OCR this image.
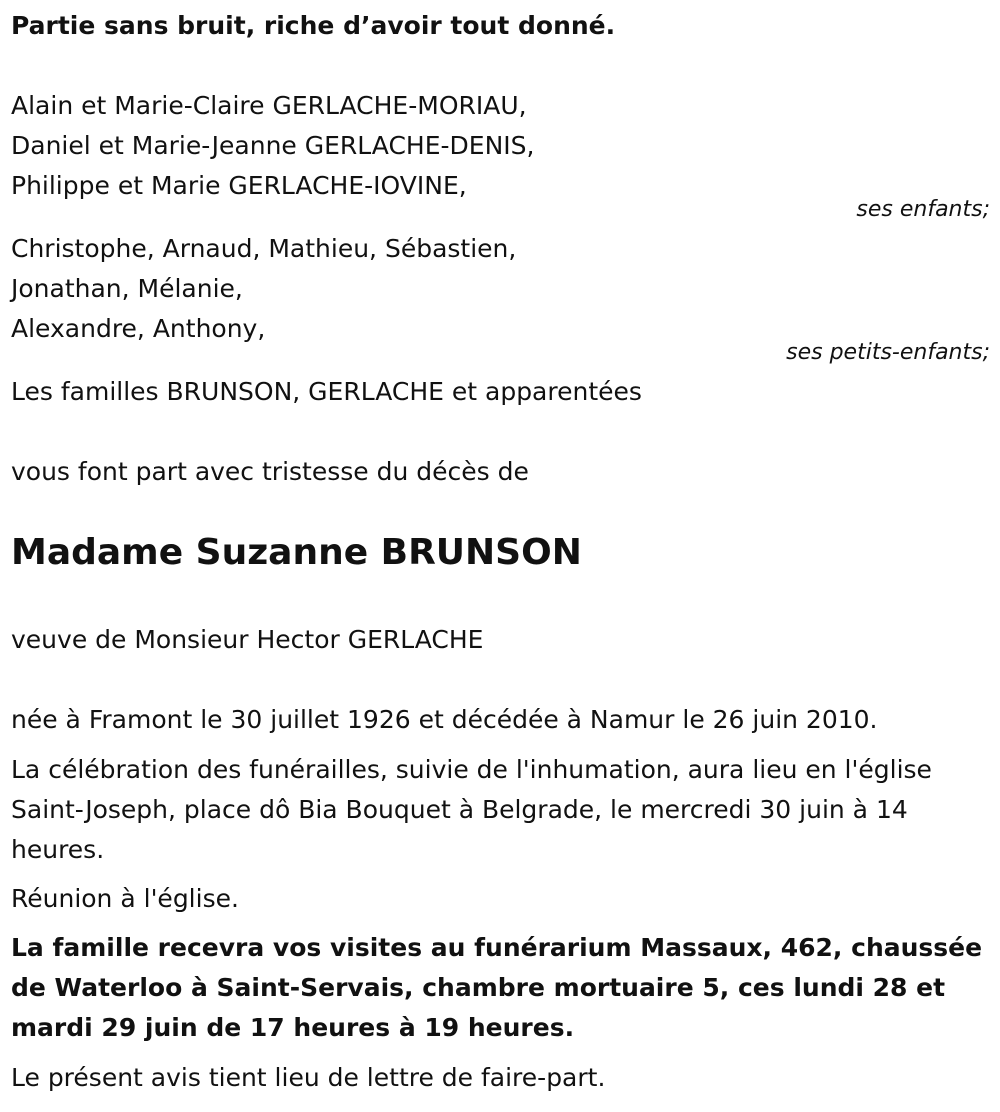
Partie sans bruit, riche d’avoir tout donné.
Alain et Marie-Claire GERLACHE-MORIAU,
Daniel et Marie-Jeanne GERLACHE-DENIS,
Philippe et Marie GERLACHE-IOVINE,
ses enfants;
Christophe, Arnaud, Mathieu, Sébastien,
Jonathan, Mélanie,
Alexandre, Anthony,
ses petits-enfants;
Les familles BRUNSON, GERLACHE et apparentées
vous font part avec tristesse du décès de
Madame Suzanne BRUNSON
veuve de Monsieur Hector GERLACHE
née à Framont le 30 juillet 1926 et décédée à Namur le 26 juin 2010.
La célébration des funérailles, suivie de l'inhumation, aura lieu en l'église Saint-Joseph, place dô Bia Bouquet à Belgrade, le mercredi 30 juin à 14 heures.
Réunion à l'église.
La famille recevra vos visites au funérarium Massaux, 462, chaussée de Waterloo à Saint-Servais, chambre mortuaire 5, ces lundi 28 et mardi 29 juin de 17 heures à 19 heures.
Le présent avis tient lieu de lettre de faire-part.
